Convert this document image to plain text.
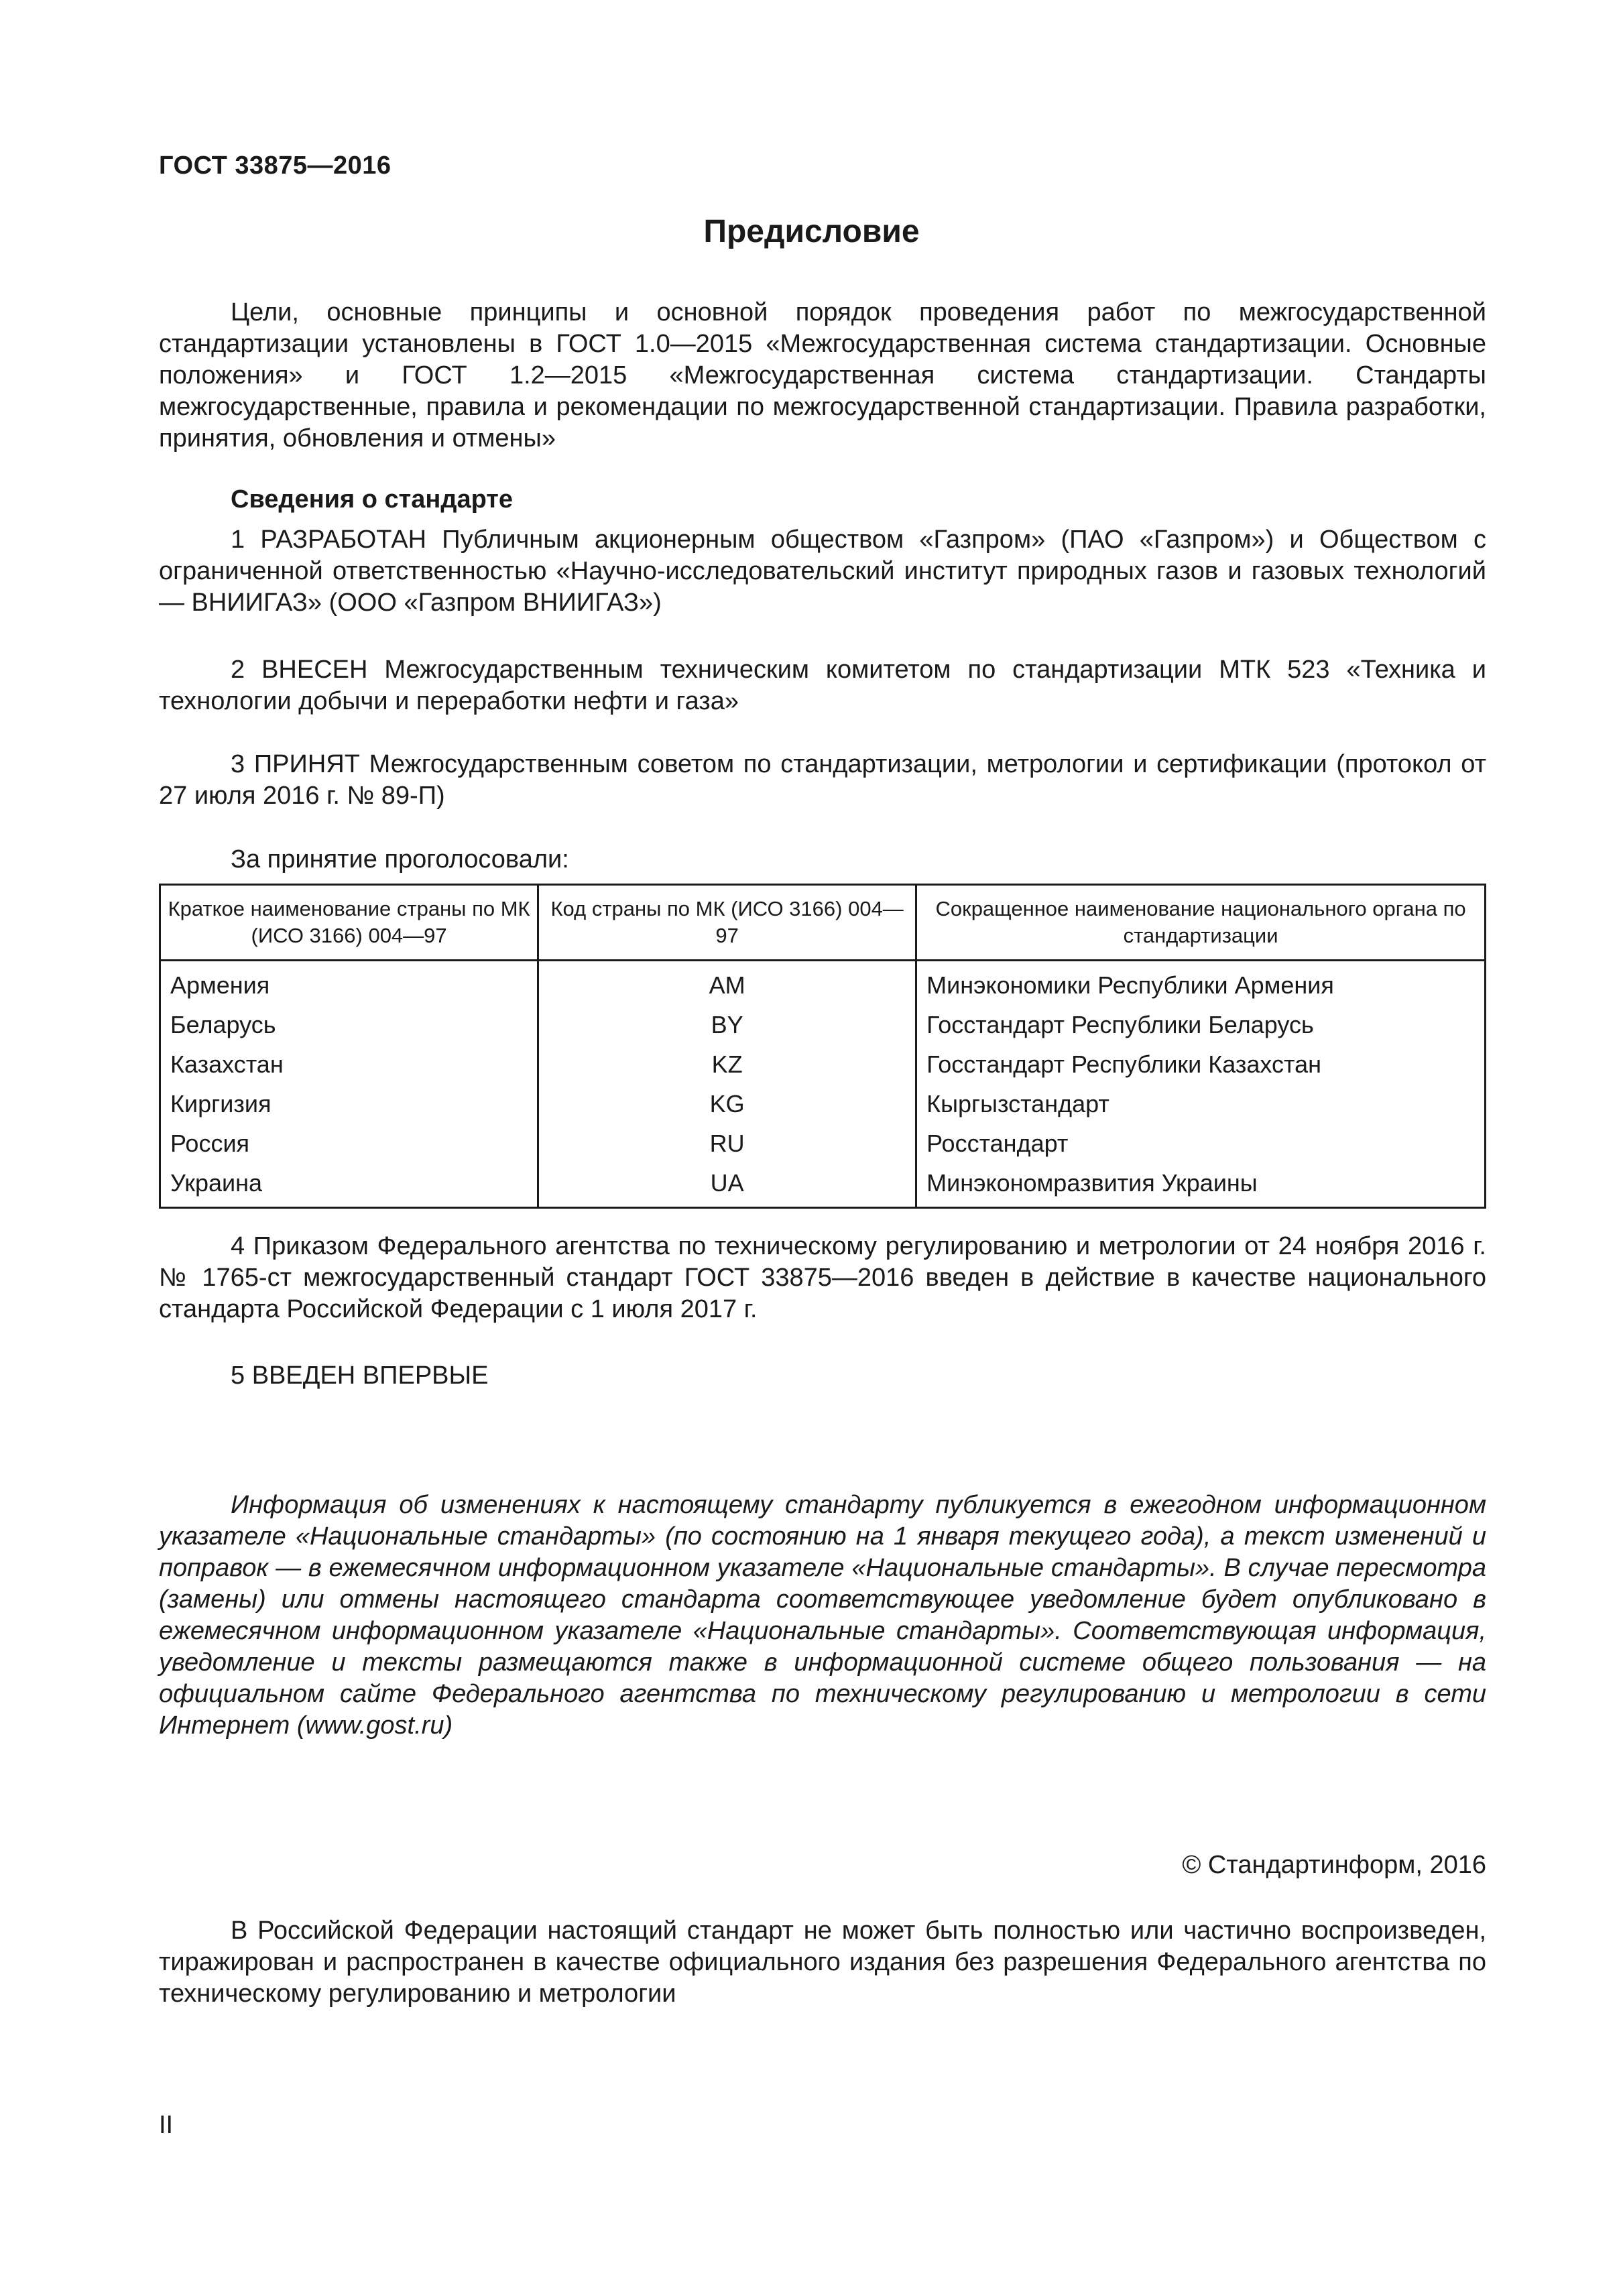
ГОСТ 33875—2016
Предисловие

Цели, основные принципы и основной порядок проведения работ по межгосударственной стандартизации установлены в ГОСТ 1.0—2015 «Межгосударственная система стандартизации. Основные положения» и ГОСТ 1.2—2015 «Межгосударственная система стандартизации. Стандарты межгосударственные, правила и рекомендации по межгосударственной стандартизации. Правила разработки, принятия, обновления и отмены»

Сведения о стандарте

1 РАЗРАБОТАН Публичным акционерным обществом «Газпром» (ПАО «Газпром») и Обществом с ограниченной ответственностью «Научно-исследовательский институт природных газов и газовых технологий — ВНИИГАЗ» (ООО «Газпром ВНИИГАЗ»)

2 ВНЕСЕН Межгосударственным техническим комитетом по стандартизации МТК 523 «Техника и технологии добычи и переработки нефти и газа»

3 ПРИНЯТ Межгосударственным советом по стандартизации, метрологии и сертификации (протокол от 27 июля 2016 г. № 89-П)

За принятие проголосовали:

Краткое наименование страны по МК (ИСО 3166) 004—97	Код страны по МК (ИСО 3166) 004—97	Сокращенное наименование национального органа по стандартизации
Армения	AM	Минэкономики Республики Армения
Беларусь	BY	Госстандарт Республики Беларусь
Казахстан	KZ	Госстандарт Республики Казахстан
Киргизия	KG	Кыргызстандарт
Россия	RU	Росстандарт
Украина	UA	Минэкономразвития Украины

4 Приказом Федерального агентства по техническому регулированию и метрологии от 24 ноября 2016 г. № 1765-ст межгосударственный стандарт ГОСТ 33875—2016 введен в действие в качестве национального стандарта Российской Федерации с 1 июля 2017 г.

5 ВВЕДЕН ВПЕРВЫЕ

Информация об изменениях к настоящему стандарту публикуется в ежегодном информационном указателе «Национальные стандарты» (по состоянию на 1 января текущего года), а текст изменений и поправок — в ежемесячном информационном указателе «Национальные стандарты». В случае пересмотра (замены) или отмены настоящего стандарта соответствующее уведомление будет опубликовано в ежемесячном информационном указателе «Национальные стандарты». Соответствующая информация, уведомление и тексты размещаются также в информационной системе общего пользования — на официальном сайте Федерального агентства по техническому регулированию и метрологии в сети Интернет (www.gost.ru)

© Стандартинформ, 2016

В Российской Федерации настоящий стандарт не может быть полностью или частично воспроизведен, тиражирован и распространен в качестве официального издания без разрешения Федерального агентства по техническому регулированию и метрологии

II
